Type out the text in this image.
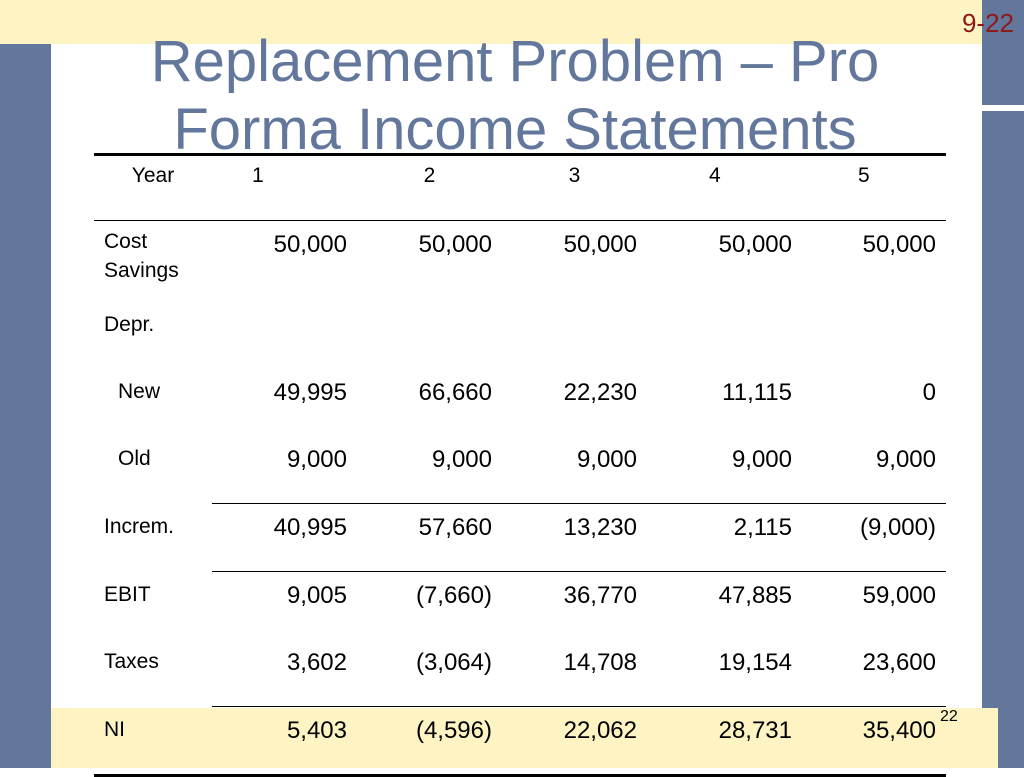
9-22
Replacement Problem – Pro
Forma Income Statements
Year	1	2	3	4	5
Cost Savings	50,000	50,000	50,000	50,000	50,000
Depr.					
New	49,995	66,660	22,230	11,115	0
Old	9,000	9,000	9,000	9,000	9,000
Increm.	40,995	57,660	13,230	2,115	(9,000)
EBIT	9,005	(7,660)	36,770	47,885	59,000
Taxes	3,602	(3,064)	14,708	19,154	23,600
NI	5,403	(4,596)	22,062	28,731	35,400
22
